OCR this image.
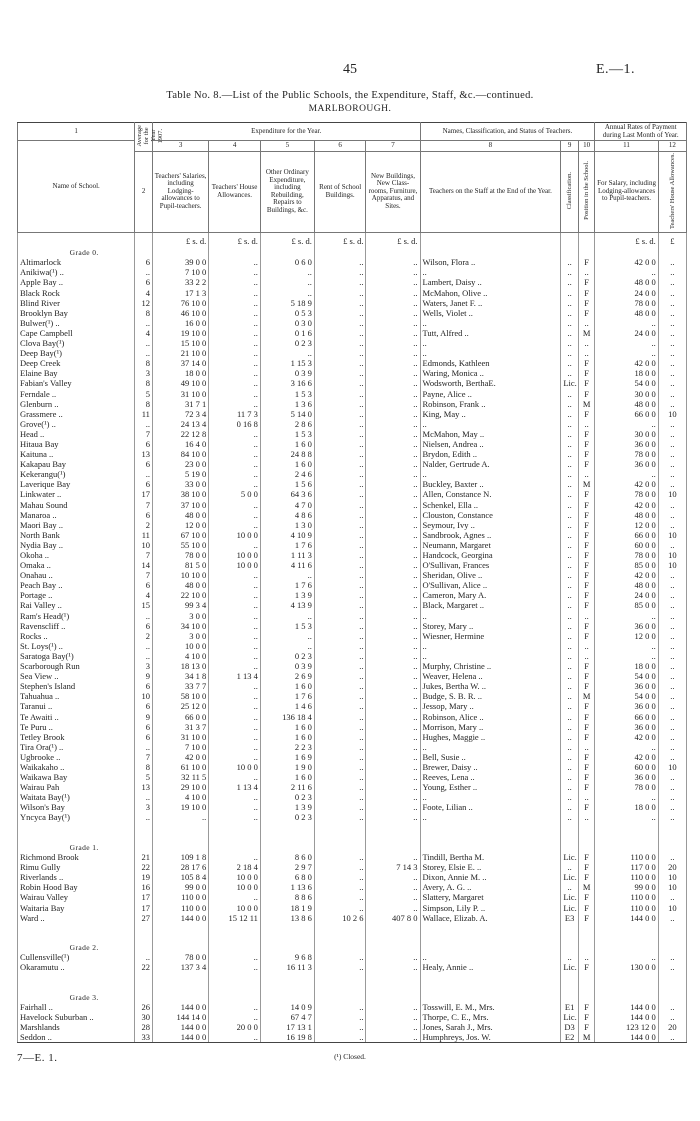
45	E.—1.
Table No. 8.—List of the Public Schools, the Expenditure, Staff, &c.—continued.
MARLBOROUGH.
1	Average for the Year 1907.	Expenditure for the Year.					Names, Classification, and Status of Teachers.			Annual Rates of Payment during Last Month of Year.	

Name of School.		3	4	5	6	7	8	9	10	11	12
	2	Teachers' Salaries, including Lodging-allowances to Pupil-teachers.	Teachers' House Allowances.	Other Ordinary Expenditure, including Rebuilding, Repairs to Buildings, &c.	Rent of School Buildings.	New Buildings, New Class-rooms, Furniture, Apparatus, and Sites.	Teachers on the Staff at the End of the Year.	Classification.	Position in the School.	For Salary, including Lodging-allowances to Pupil-teachers.	Teachers' House Allowances.
		£ s. d.	£ s. d.	£ s. d.	£ s. d.	£ s. d.				£ s. d.	£
Grade 0.											
Altimarlock	6	39 0 0	..	0 6 0	..	..	Wilson, Flora ..	..	F	42 0 0	..
Anikiwa(¹) ..	..	7 10 0	..	..	..	..	..	..	..	..	..
Apple Bay ..	6	33 2 2	..	..	..	..	Lambert, Daisy ..	..	F	48 0 0	..
Black Rock	4	17 1 3	..	..	..	..	McMahon, Olive ..	..	F	24 0 0	..
Blind River	12	76 10 0	..	5 18 9	..	..	Waters, Janet F. ..	..	F	78 0 0	..
Brooklyn Bay	8	46 10 0	..	0 5 3	..	..	Wells, Violet ..	..	F	48 0 0	..
Bulwer(¹) ..	..	16 0 0	..	0 3 0	..	..	..	..	..	..	..
Cape Campbell	4	19 10 0	..	0 1 6	..	..	Tutt, Alfred ..	..	M	24 0 0	..
Clova Bay(¹)	..	15 10 0	..	0 2 3	..	..	..	..	..	..	..
Deep Bay(¹)	..	21 10 0	..	..	..	..	..	..	..	..	..
Deep Creek	8	37 14 0	..	1 15 3	..	..	Edmonds, Kathleen	..	F	42 0 0	..
Elaine Bay	3	18 0 0	..	0 3 9	..	..	Waring, Monica ..	..	F	18 0 0	..
Fabian's Valley	8	49 10 0	..	3 16 6	..	..	Wodsworth, BerthaE.	Lic.	F	54 0 0	..
Ferndale ..	5	31 10 0	..	1 5 3	..	..	Payne, Alice ..	..	F	30 0 0	..
Glenburn ..	8	31 7 1	..	1 3 6	..	..	Robinson, Frank ..	..	M	48 0 0	..
Grassmere ..	11	72 3 4	11 7 3	5 14 0	..	..	King, May ..	..	F	66 0 0	10
Grove(¹) ..	..	24 13 4	0 16 8	2 8 6	..	..	..	..	..	..	..
Head ..	7	22 12 8	..	1 5 3	..	..	McMahon, May ..	..	F	30 0 0	..
Hitaua Bay	6	16 4 0	..	1 6 0	..	..	Nielsen, Andrea ..	..	F	36 0 0	..
Kaituna ..	13	84 10 0	..	24 8 8	..	..	Brydon, Edith ..	..	F	78 0 0	..
Kakapau Bay	6	23 0 0	..	1 6 0	..	..	Nalder, Gertrude A.	..	F	36 0 0	..
Kekerangu(¹)	..	5 19 0	..	2 4 6	..	..	..	..	..	..	..
Laverique Bay	6	33 0 0	..	1 5 6	..	..	Buckley, Baxter ..	..	M	42 0 0	..
Linkwater ..	17	38 10 0	5 0 0	64 3 6	..	..	Allen, Constance N.	..	F	78 0 0	10
Mahau Sound	7	37 10 0	..	4 7 0	..	..	Schenkel, Ella ..	..	F	42 0 0	..
Manaroa ..	6	48 0 0	..	4 8 6	..	..	Clouston, Constance	..	F	48 0 0	..
Maori Bay ..	2	12 0 0	..	1 3 0	..	..	Seymour, Ivy ..	..	F	12 0 0	..
North Bank	11	67 10 0	10 0 0	4 10 9	..	..	Sandbrook, Agnes ..	..	F	66 0 0	10
Nydia Bay ..	10	55 10 0	..	1 7 6	..	..	Neumann, Margaret	..	F	60 0 0	..
Okoha ..	7	78 0 0	10 0 0	1 11 3	..	..	Handcock, Georgina	..	F	78 0 0	10
Omaka ..	14	81 5 0	10 0 0	4 11 6	..	..	O'Sullivan, Frances	..	F	85 0 0	10
Onahau ..	7	10 10 0	..	..	..	..	Sheridan, Olive ..	..	F	42 0 0	..
Peach Bay ..	6	48 0 0	..	1 7 6	..	..	O'Sullivan, Alice ..	..	F	48 0 0	..
Portage ..	4	22 10 0	..	1 3 9	..	..	Cameron, Mary A.	..	F	24 0 0	..
Rai Valley ..	15	99 3 4	..	4 13 9	..	..	Black, Margaret ..	..	F	85 0 0	..
Ram's Head(¹)	..	3 0 0	..	..	..	..	..	..	..	..	..
Ravenscliff ..	6	34 10 0	..	1 5 3	..	..	Storey, Mary ..	..	F	36 0 0	..
Rocks ..	2	3 0 0	..	..	..	..	Wiesner, Hermine	..	F	12 0 0	..
St. Loys(¹) ..	..	10 0 0	..	..	..	..	..	..	..	..	..
Saratoga Bay(¹)	..	4 10 0	..	0 2 3	..	..	..	..	..	..	..
Scarborough Run	3	18 13 0	..	0 3 9	..	..	Murphy, Christine ..	..	F	18 0 0	..
Sea View ..	9	34 1 8	1 13 4	2 6 9	..	..	Weaver, Helena ..	..	F	54 0 0	..
Stephen's Island	6	33 7 7	..	1 6 0	..	..	Jukes, Bertha W. ..	..	F	36 0 0	..
Tahuahua ..	10	58 10 0	..	1 7 6	..	..	Budge, S. B. R. ..	..	M	54 0 0	..
Taranui ..	6	25 12 0	..	1 4 6	..	..	Jessop, Mary ..	..	F	36 0 0	..
Te Awaiti ..	9	66 0 0	..	136 18 4	..	..	Robinson, Alice ..	..	F	66 0 0	..
Te Puru ..	6	31 3 7	..	1 6 0	..	..	Morrison, Mary ..	..	F	36 0 0	..
Tetley Brook	6	31 10 0	..	1 6 0	..	..	Hughes, Maggie ..	..	F	42 0 0	..
Tira Ora(¹) ..	..	7 10 0	..	2 2 3	..	..	..	..	..	..	..
Ugbrooke ..	7	42 0 0	..	1 6 9	..	..	Bell, Susie ..	..	F	42 0 0	..
Waikakaho ..	8	61 10 0	10 0 0	1 9 0	..	..	Brewer, Daisy ..	..	F	60 0 0	10
Waikawa Bay	5	32 11 5	..	1 6 0	..	..	Reeves, Lena ..	..	F	36 0 0	..
Wairau Pah	13	29 10 0	1 13 4	2 11 6	..	..	Young, Esther ..	..	F	78 0 0	..
Waitata Bay(¹)	..	4 10 0	..	0 2 3	..	..	..	..	..	..	..
Wilson's Bay	3	19 10 0	..	1 3 9	..	..	Foote, Lilian ..	..	F	18 0 0	..
Yncyca Bay(¹)	..	..	..	0 2 3	..	..	..	..	..	..	..

Grade 1.											
Richmond Brook	21	109 1 8	..	8 6 0	..	..	Tindill, Bertha M.	Lic.	F	110 0 0	..
Rimu Gully	22	28 17 6	2 18 4	2 9 7	..	7 14 3	Storey, Elsie E. ..	..	F	117 0 0	20
Riverlands ..	19	105 8 4	10 0 0	6 8 0	..	..	Dixon, Annie M. ..	Lic.	F	110 0 0	10
Robin Hood Bay	16	99 0 0	10 0 0	1 13 6	..	..	Avery, A. G. ..	..	M	99 0 0	10
Wairau Valley	17	110 0 0	..	8 8 6	..	..	Slattery, Margaret	Lic.	F	110 0 0	..
Waitaria Bay	17	110 0 0	10 0 0	18 1 9	..	..	Simpson, Lily P. ..	Lic.	F	110 0 0	10
Ward ..	27	144 0 0	15 12 11	13 8 6	10 2 6	407 8 0	Wallace, Elizab. A.	E3	F	144 0 0	..

Grade 2.											
Cullensville(¹)	..	78 0 0	..	9 6 8	..	..	..	..	..	..	..
Okaramutu ..	22	137 3 4	..	16 11 3	..	..	Healy, Annie ..	Lic.	F	130 0 0	..

Grade 3.											
Fairhall ..	26	144 0 0	..	14 0 9	..	..	Tosswill, E. M., Mrs.	E1	F	144 0 0	..
Havelock Suburban ..	30	144 14 0	..	67 4 7	..	..	Thorpe, C. E., Mrs.	Lic.	F	144 0 0	..
Marshlands	28	144 0 0	20 0 0	17 13 1	..	..	Jones, Sarah J., Mrs.	D3	F	123 12 0	20
Seddon ..	33	144 0 0	..	16 19 8	..	..	Humphreys, Jos. W.	E2	M	144 0 0	..
7—E. 1.	(¹) Closed.
